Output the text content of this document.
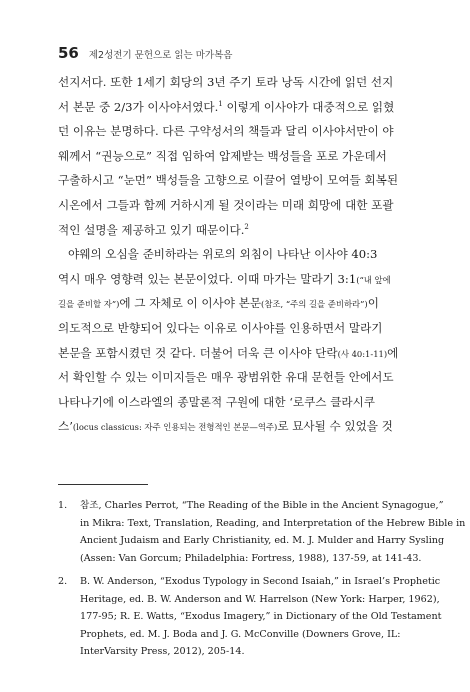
56 제2성전기 문헌으로 읽는 마가복음
선지서다. 또한 1세기 회당의 3년 주기 토라 낭독 시간에 읽던 선지
서 본문 중 2/3가 이사야서였다.$^1$ 이렇게 이사야가 대중적으로 읽혔
던 이유는 분명하다. 다른 구약성서의 책들과 달리 이사야서만이 야
웨께서 “권능으로” 직접 임하여 압제받는 백성들을 포로 가운데서
구출하시고 “눈먼” 백성들을 고향으로 이끌어 열방이 모여들 회복된
시온에서 그들과 함께 거하시게 될 것이라는 미래 희망에 대한 포괄
적인 설명을 제공하고 있기 때문이다.$^2$
야웨의 오심을 준비하라는 위로의 외침이 나타난 이사야 40:3
역시 매우 영향력 있는 본문이었다. 이때 마가는 말라기 3:1(“내 앞에
길을 준비할 자”)에 그 자체로 이 이사야 본문(참조, “주의 길을 준비하라”)이
의도적으로 반향되어 있다는 이유로 이사야를 인용하면서 말라기
본문을 포함시켰던 것 같다. 더불어 더욱 큰 이사야 단락(사 40:1-11)에
서 확인할 수 있는 이미지들은 매우 광범위한 유대 문헌들 안에서도
나타나기에 이스라엘의 종말론적 구원에 대한 ‘로쿠스 클라시쿠
스’(locus classicus: 자주 인용되는 전형적인 본문—역주)로 묘사될 수 있었을 것
1.	참조, Charles Perrot, “The Reading of the Bible in the Ancient Synagogue,”
in Mikra: Text, Translation, Reading, and Interpretation of the Hebrew Bible in
Ancient Judaism and Early Christianity, ed. M. J. Mulder and Harry Sysling
(Assen: Van Gorcum; Philadelphia: Fortress, 1988), 137-59, at 141-43.
2.	B. W. Anderson, “Exodus Typology in Second Isaiah,” in Israel’s Prophetic
Heritage, ed. B. W. Anderson and W. Harrelson (New York: Harper, 1962),
177-95; R. E. Watts, “Exodus Imagery,” in Dictionary of the Old Testament
Prophets, ed. M. J. Boda and J. G. McConville (Downers Grove, IL:
InterVarsity Press, 2012), 205-14.
